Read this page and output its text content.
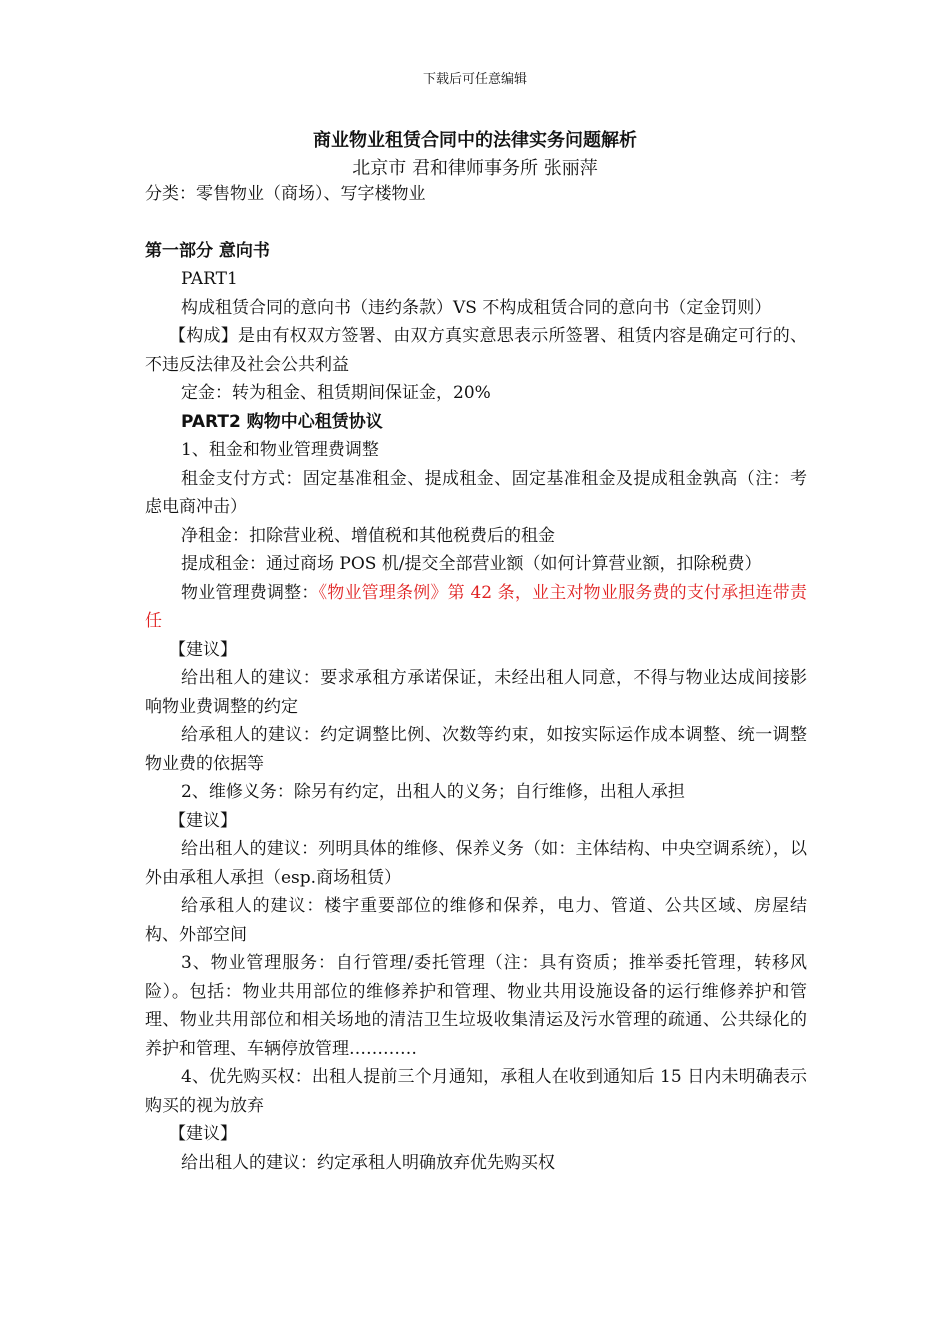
下载后可任意编辑
商业物业租赁合同中的法律实务问题解析
北京市 君和律师事务所 张丽萍

分类：零售物业（商场）、写字楼物业

第一部分 意向书

PART1

构成租赁合同的意向书（违约条款）VS 不构成租赁合同的意向书（定金罚则）

【构成】是由有权双方签署、由双方真实意思表示所签署、租赁内容是确定可行的、不违反法律及社会公共利益

定金：转为租金、租赁期间保证金，20%

PART2 购物中心租赁协议

1、租金和物业管理费调整

租金支付方式：固定基准租金、提成租金、固定基准租金及提成租金孰高（注：考虑电商冲击）

净租金：扣除营业税、增值税和其他税费后的租金

提成租金：通过商场 POS 机/提交全部营业额（如何计算营业额，扣除税费）

物业管理费调整：《物业管理条例》第 42 条，业主对物业服务费的支付承担连带责任

【建议】

给出租人的建议：要求承租方承诺保证，未经出租人同意，不得与物业达成间接影响物业费调整的约定

给承租人的建议：约定调整比例、次数等约束，如按实际运作成本调整、统一调整物业费的依据等

2、维修义务：除另有约定，出租人的义务；自行维修，出租人承担

【建议】

给出租人的建议：列明具体的维修、保养义务（如：主体结构、中央空调系统），以外由承租人承担（esp.商场租赁）

给承租人的建议：楼宇重要部位的维修和保养，电力、管道、公共区域、房屋结构、外部空间

3、物业管理服务：自行管理/委托管理（注：具有资质；推举委托管理，转移风险）。包括：物业共用部位的维修养护和管理、物业共用设施设备的运行维修养护和管理、物业共用部位和相关场地的清洁卫生垃圾收集清运及污水管理的疏通、公共绿化的养护和管理、车辆停放管理…………

4、优先购买权：出租人提前三个月通知，承租人在收到通知后 15 日内未明确表示购买的视为放弃

【建议】

给出租人的建议：约定承租人明确放弃优先购买权
